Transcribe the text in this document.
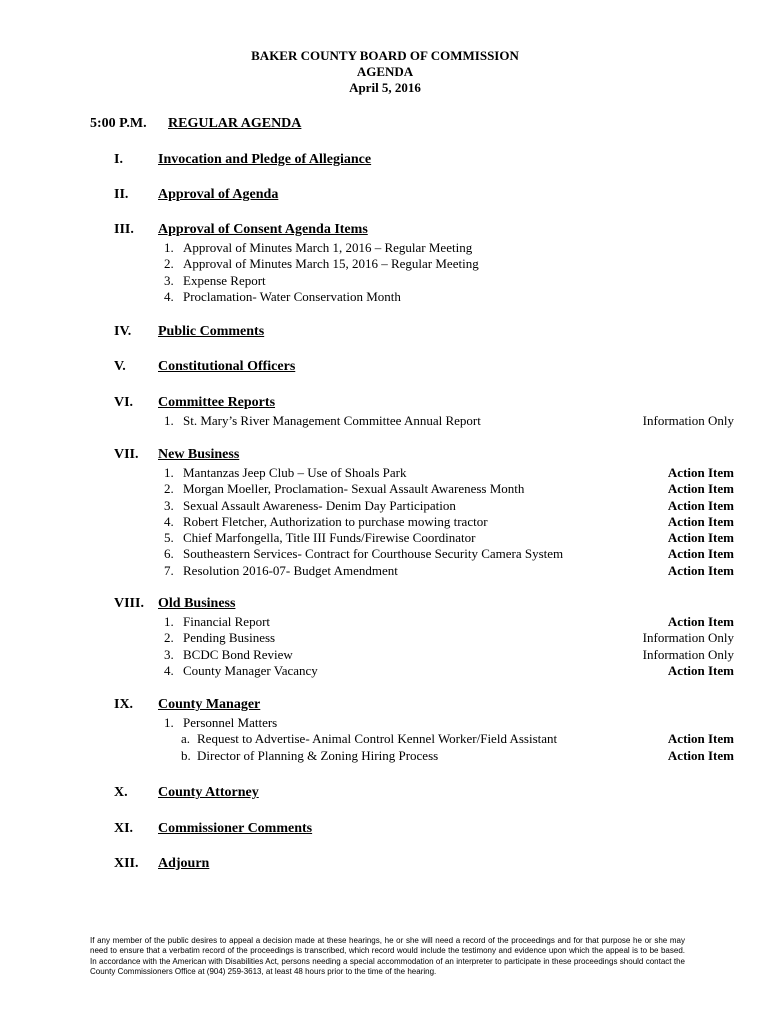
BAKER COUNTY BOARD OF COMMISSION
AGENDA
April 5, 2016
5:00 P.M. REGULAR AGENDA
I.	Invocation and Pledge of Allegiance
II. Approval of Agenda
III. Approval of Consent Agenda Items
1. Approval of Minutes March 1, 2016 – Regular Meeting
2. Approval of Minutes March 15, 2016 – Regular Meeting
3. Expense Report
4. Proclamation- Water Conservation Month
IV. Public Comments
V. Constitutional Officers
VI. Committee Reports
1. St. Mary’s River Management Committee Annual Report	Information Only
VII. New Business
1. Mantanzas Jeep Club – Use of Shoals Park	Action Item
2. Morgan Moeller, Proclamation- Sexual Assault Awareness Month	Action Item
3. Sexual Assault Awareness- Denim Day Participation	Action Item
4. Robert Fletcher, Authorization to purchase mowing tractor	Action Item
5. Chief Marfongella, Title III Funds/Firewise Coordinator	Action Item
6. Southeastern Services- Contract for Courthouse Security Camera System	Action Item
7. Resolution 2016-07- Budget Amendment	Action Item
VIII. Old Business
1. Financial Report	Action Item
2. Pending Business	Information Only
3. BCDC Bond Review	Information Only
4. County Manager Vacancy	Action Item
IX. County Manager
1. Personnel Matters
a. Request to Advertise- Animal Control Kennel Worker/Field Assistant	Action Item
b. Director of Planning & Zoning Hiring Process	Action Item
X. County Attorney
XI. Commissioner Comments
XII. Adjourn
If any member of the public desires to appeal a decision made at these hearings, he or she will need a record of the proceedings and for that purpose he or she may need to ensure that a verbatim record of the proceedings is transcribed, which record would include the testimony and evidence upon which the appeal is to be based. In accordance with the American with Disabilities Act, persons needing a special accommodation of an interpreter to participate in these proceedings should contact the County Commissioners Office at (904) 259-3613, at least 48 hours prior to the time of the hearing.
